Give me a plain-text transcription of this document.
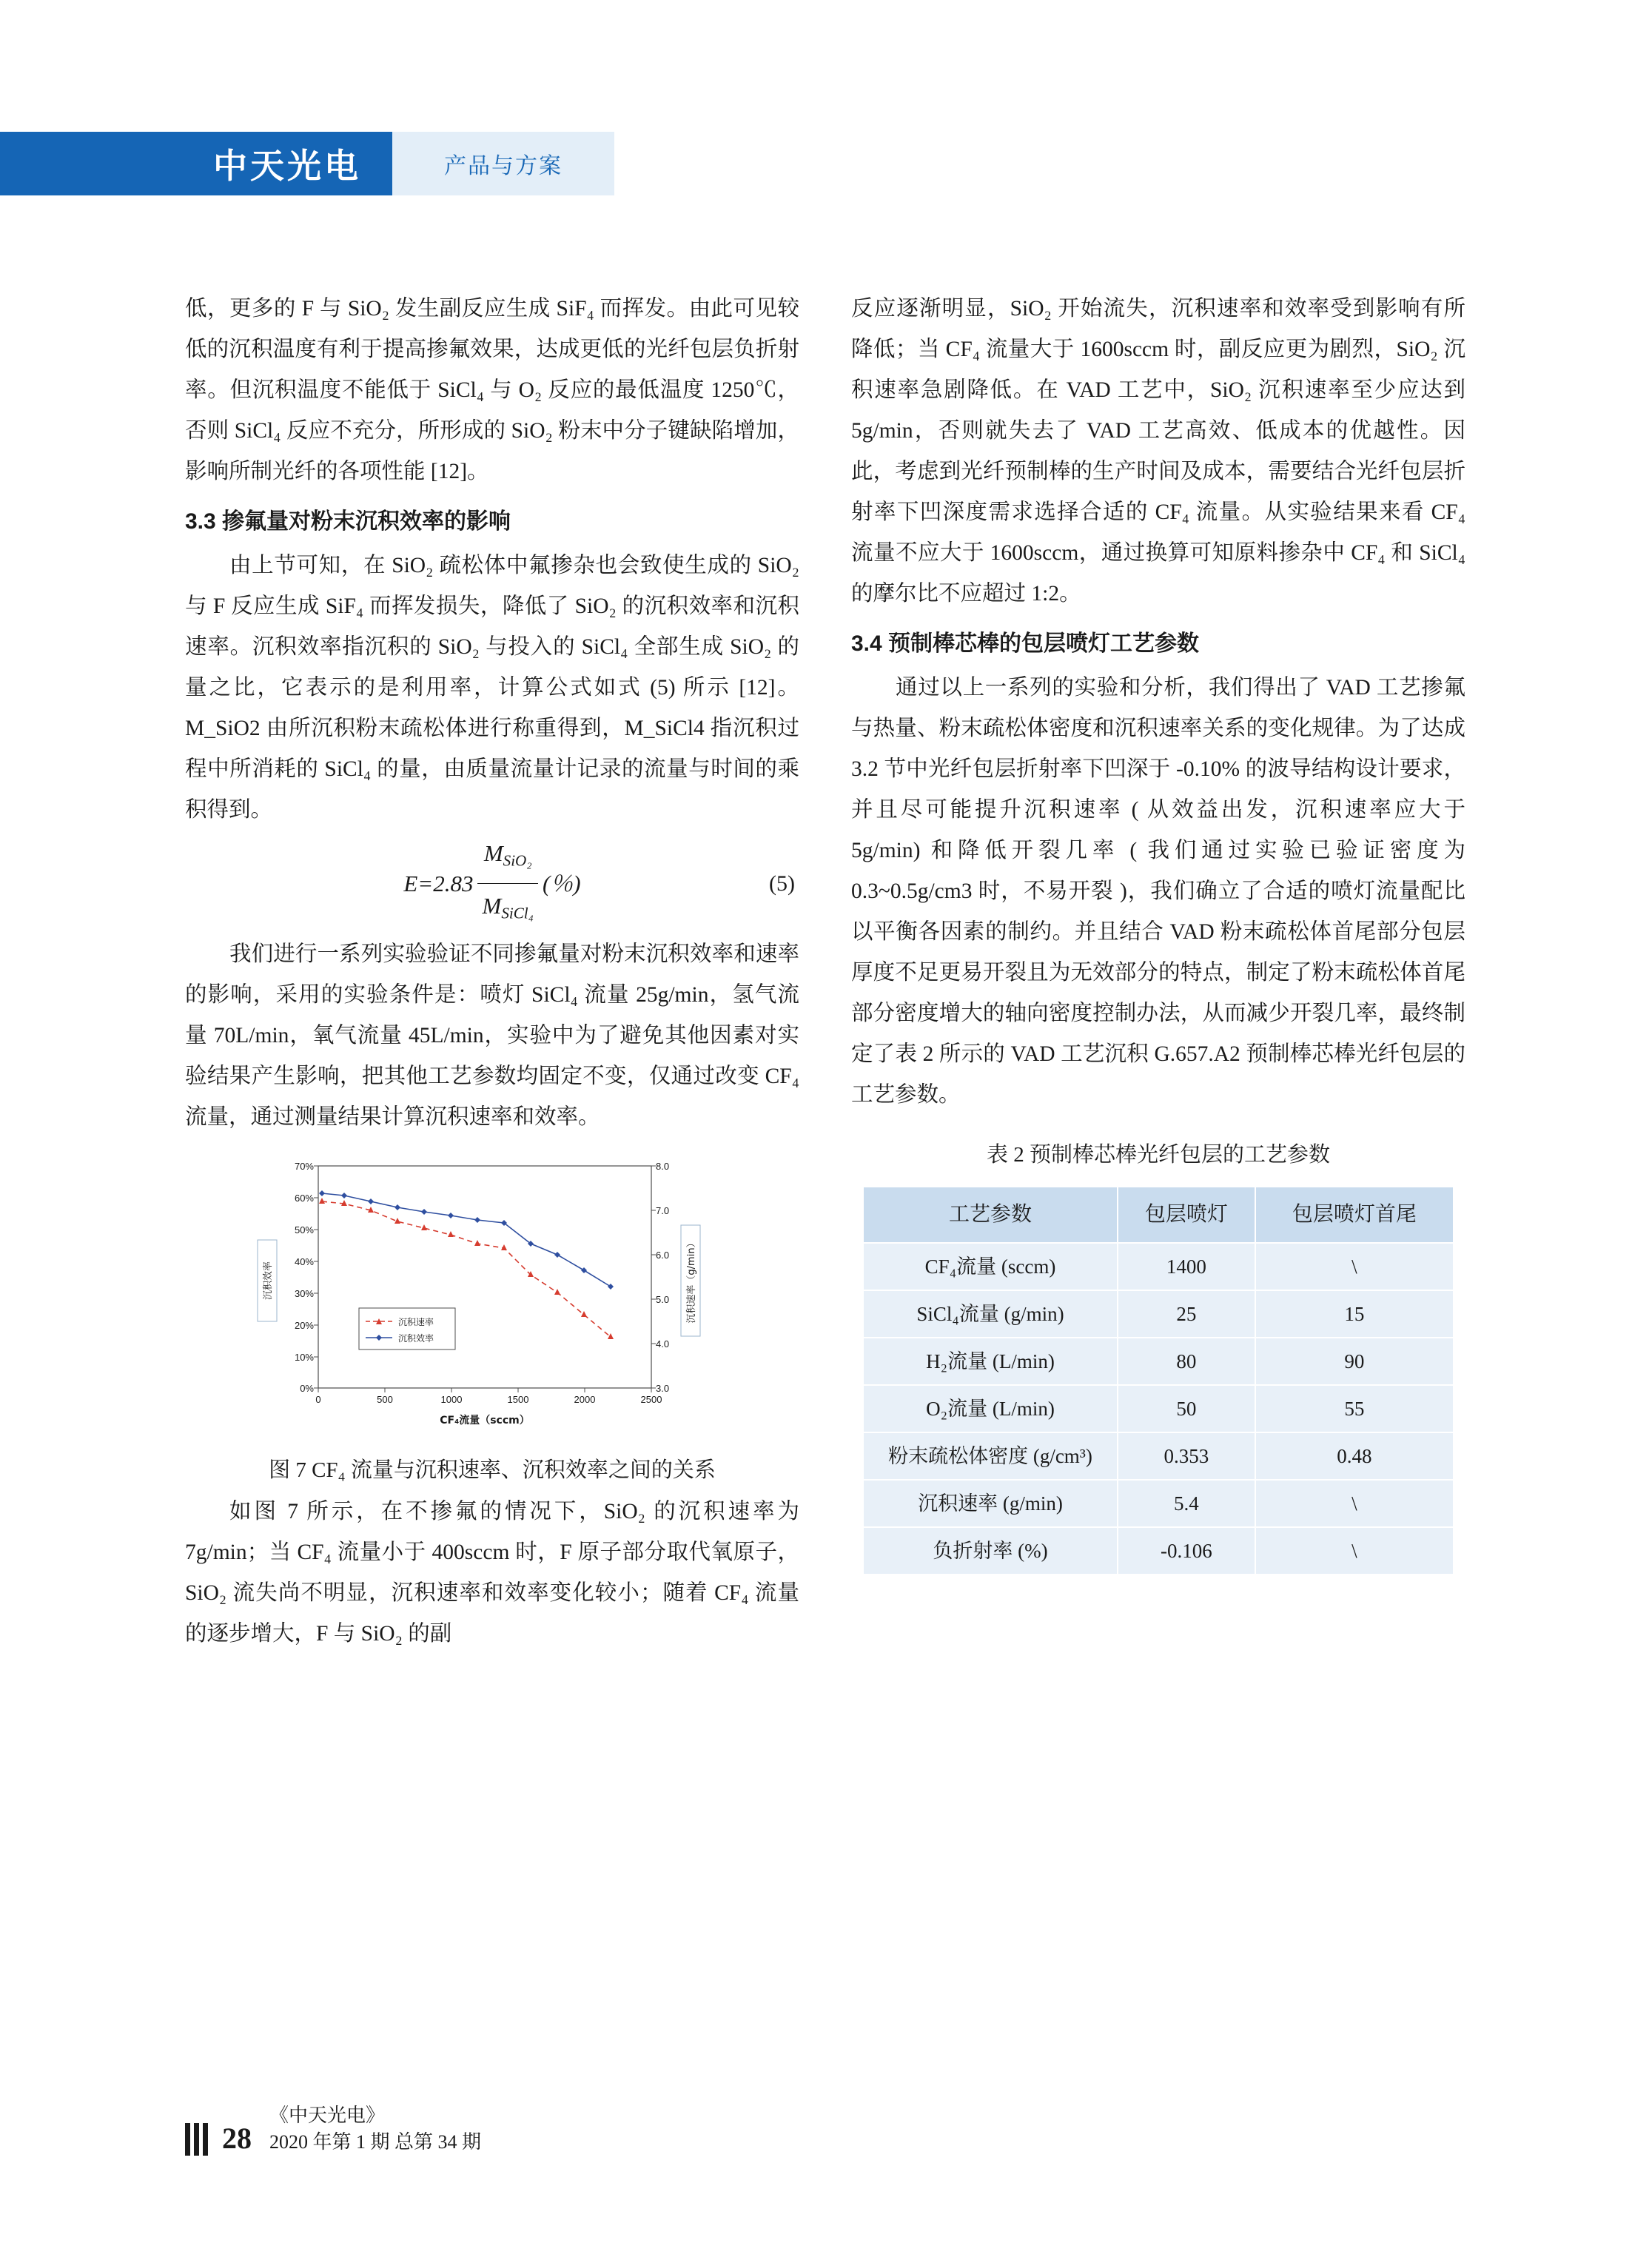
中天光电	产品与方案

低，更多的 F 与 SiO₂ 发生副反应生成 SiF₄ 而挥发。由此可见较低的沉积温度有利于提高掺氟效果，达成更低的光纤包层负折射率。但沉积温度不能低于 SiCl₄ 与 O₂ 反应的最低温度 1250℃，否则 SiCl₄ 反应不充分，所形成的 SiO₂ 粉末中分子键缺陷增加，影响所制光纤的各项性能 [12]。

3.3 掺氟量对粉末沉积效率的影响

由上节可知，在 SiO₂ 疏松体中氟掺杂也会致使生成的 SiO₂ 与 F 反应生成 SiF₄ 而挥发损失，降低了 SiO₂ 的沉积效率和沉积速率。沉积效率指沉积的 SiO₂ 与投入的 SiCl₄ 全部生成 SiO₂ 的量之比，它表示的是利用率，计算公式如式 (5) 所示 [12]。M_SiO2 由所沉积粉末疏松体进行称重得到，M_SiCl4 指沉积过程中所消耗的 SiCl₄ 的量，由质量流量计记录的流量与时间的乘积得到。

$E=2.83 \frac{M_{SiO_2}}{M_{SiCl_4}}$ (％)	(5)

我们进行一系列实验验证不同掺氟量对粉末沉积效率和速率的影响，采用的实验条件是：喷灯 SiCl₄ 流量 25g/min，氢气流量 70L/min，氧气流量 45L/min，实验中为了避免其他因素对实验结果产生影响，把其他工艺参数均固定不变，仅通过改变 CF₄ 流量，通过测量结果计算沉积速率和效率。

70%
60%
50%
40%
30%
20%
10%
0%
8.0
7.0
6.0
5.0
4.0
3.0
0	500	1000	1500	2000	2500
沉积效率	沉积速率（g/min）
CF₄流量（sccm）
沉积速率
沉积效率

图 7 CF₄ 流量与沉积速率、沉积效率之间的关系

如图 7 所示，在不掺氟的情况下，SiO₂ 的沉积速率为 7g/min；当 CF₄ 流量小于 400sccm 时，F 原子部分取代氧原子，SiO₂ 流失尚不明显，沉积速率和效率变化较小；随着 CF₄ 流量的逐步增大，F 与 SiO₂ 的副

反应逐渐明显，SiO₂ 开始流失，沉积速率和效率受到影响有所降低；当 CF₄ 流量大于 1600sccm 时，副反应更为剧烈，SiO₂ 沉积速率急剧降低。在 VAD 工艺中，SiO₂ 沉积速率至少应达到 5g/min，否则就失去了 VAD 工艺高效、低成本的优越性。因此，考虑到光纤预制棒的生产时间及成本，需要结合光纤包层折射率下凹深度需求选择合适的 CF₄ 流量。从实验结果来看 CF₄ 流量不应大于 1600sccm，通过换算可知原料掺杂中 CF₄ 和 SiCl₄ 的摩尔比不应超过 1:2。

3.4 预制棒芯棒的包层喷灯工艺参数

通过以上一系列的实验和分析，我们得出了 VAD 工艺掺氟与热量、粉末疏松体密度和沉积速率关系的变化规律。为了达成 3.2 节中光纤包层折射率下凹深于 -0.10% 的波导结构设计要求，并且尽可能提升沉积速率 ( 从效益出发，沉积速率应大于 5g/min) 和降低开裂几率 ( 我们通过实验已验证密度为 0.3~0.5g/cm3 时，不易开裂 )，我们确立了合适的喷灯流量配比以平衡各因素的制约。并且结合 VAD 粉末疏松体首尾部分包层厚度不足更易开裂且为无效部分的特点，制定了粉末疏松体首尾部分密度增大的轴向密度控制办法，从而减少开裂几率，最终制定了表 2 所示的 VAD 工艺沉积 G.657.A2 预制棒芯棒光纤包层的工艺参数。

表 2 预制棒芯棒光纤包层的工艺参数

工艺参数	包层喷灯	包层喷灯首尾
CF₄流量 (sccm)	1400	\
SiCl₄流量 (g/min)	25	15
H₂流量 (L/min)	80	90
O₂流量 (L/min)	50	55
粉末疏松体密度 (g/cm³)	0.353	0.48
沉积速率 (g/min)	5.4	\
负折射率 (%)	-0.106	\
28
《中天光电》
2020 年第 1 期 总第 34 期
